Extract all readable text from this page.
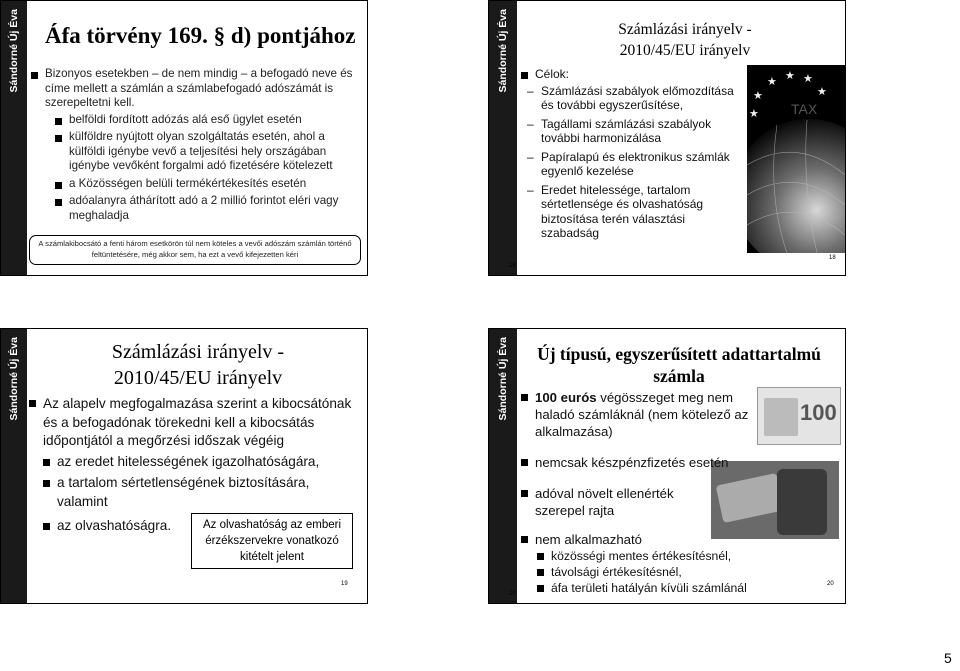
Sándorné Új Éva Áfa törvény 169. § d) pontjához
Bizonyos esetekben – de nem mindig – a befogadó neve és címe mellett a számlán a számlabefogadó adószámát is szerepeltetni kell.
belföldi fordított adózás alá eső ügylet esetén
külföldre nyújtott olyan szolgáltatás esetén, ahol a külföldi igénybe vevő a teljesítési hely országában igénybe vevőként forgalmi adó fizetésére kötelezett
a Közösségen belüli termékértékesítés esetén
adóalanyra áthárított adó a 2 millió forintot eléri vagy meghaladja
A számlakibocsátó a fenti három esetkörön túl nem köteles a vevői adószám számlán történő feltüntetésére, még akkor sem, ha ezt a vevő kifejezetten kéri
Sándorné Új Éva	Számlázási irányelv - 2010/45/EU irányelv
Célok:
– Számlázási szabályok előmozdítása és további egyszerűsítése,
– Tagállami számlázási szabályok további harmonizálása
– Papíralapú és elektronikus számlák egyenlő kezelése
– Eredet hitelessége, tartalom sértetlensége és olvashatóság biztosítása terén választási szabadság
★ ★ ★
★
★
★ TAX
18
18
Sándorné Új Éva	Számlázási irányelv - 2010/45/EU irányelv
Az alapelv megfogalmazása szerint a kibocsátónak és a befogadónak törekedni kell a kibocsátás időpontjától a megőrzési időszak végéig
az eredet hitelességének igazolhatóságára,
a tartalom sértetlenségének biztosítására, valamint
az olvashatóságra.	Az olvashatóság az emberi érzékszervekre vonatkozó kitételt jelent
19
Sándorné Új Éva	Új típusú, egyszerűsített adattartalmú számla
100
100 eurós végösszeget meg nem haladó számláknál (nem kötelező az alkalmazása)
nemcsak készpénzfizetés esetén
adóval növelt ellenérték szerepel rajta
nem alkalmazható
közösségi mentes értékesítésnél,
távolsági értékesítésnél,
áfa területi hatályán kívüli számlánál
20
20
5
